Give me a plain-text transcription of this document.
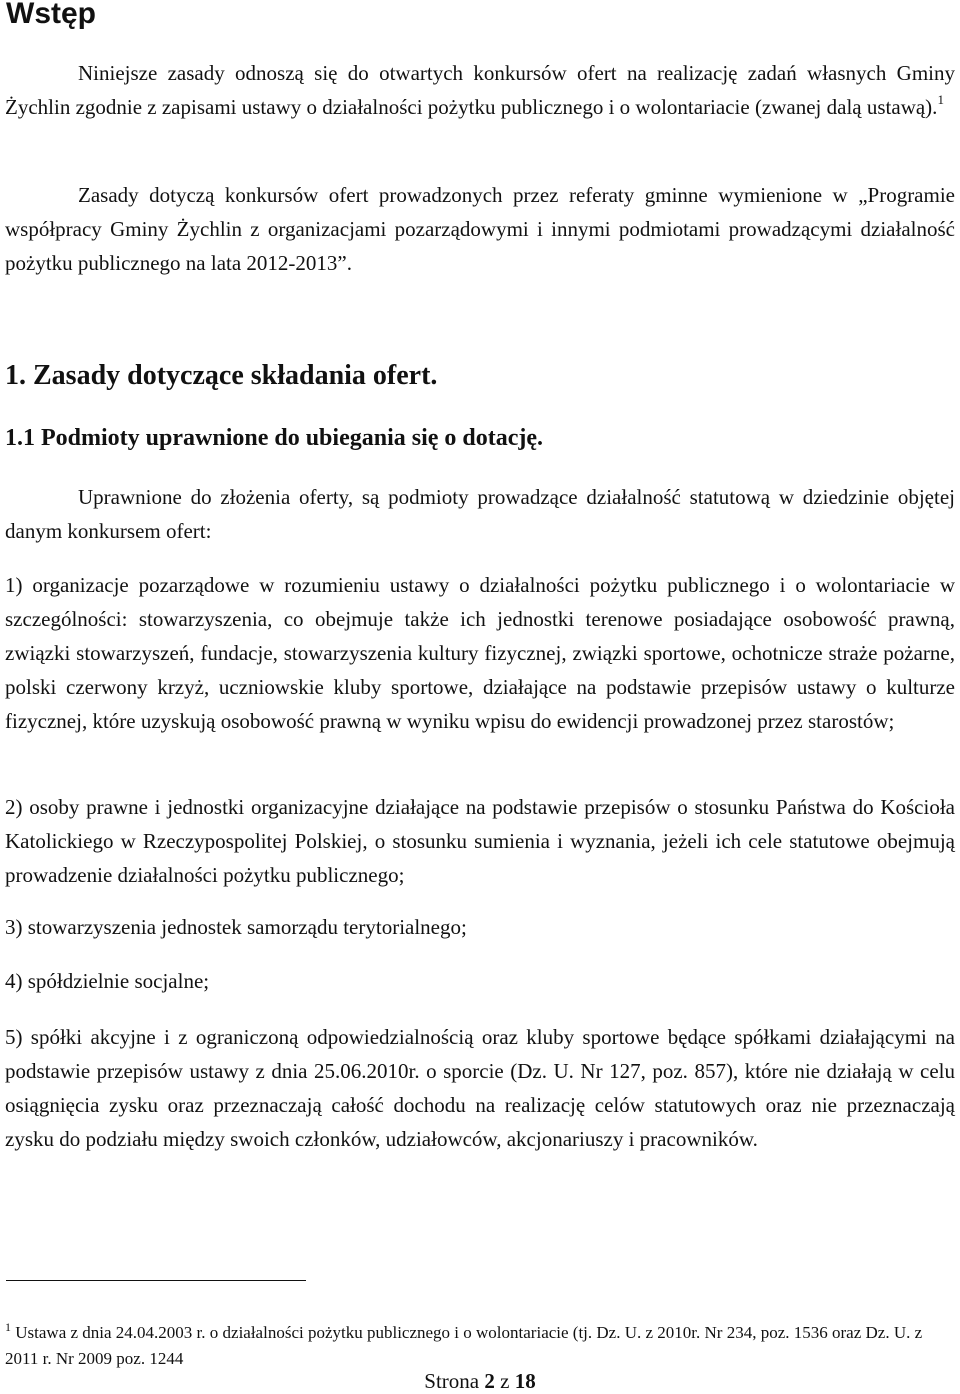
Wstęp

Niniejsze zasady odnoszą się do otwartych konkursów ofert na realizację zadań własnych Gminy Żychlin zgodnie z zapisami ustawy o działalności pożytku publicznego i o wolontariacie (zwanej dalą ustawą).$^1$

Zasady dotyczą konkursów ofert prowadzonych przez referaty gminne wymienione w „Programie współpracy Gminy Żychlin z organizacjami pozarządowymi i innymi podmiotami prowadzącymi działalność pożytku publicznego na lata 2012-2013”.

1. Zasady dotyczące składania ofert.
1.1 Podmioty uprawnione do ubiegania się o dotację.

Uprawnione do złożenia oferty, są podmioty prowadzące działalność statutową w dziedzinie objętej danym konkursem ofert:

1) organizacje pozarządowe w rozumieniu ustawy o działalności pożytku publicznego i o wolontariacie w szczególności: stowarzyszenia, co obejmuje także ich jednostki terenowe posiadające osobowość prawną, związki stowarzyszeń, fundacje, stowarzyszenia kultury fizycznej, związki sportowe, ochotnicze straże pożarne, polski czerwony krzyż, uczniowskie kluby sportowe, działające na podstawie przepisów ustawy o kulturze fizycznej, które uzyskują osobowość prawną w wyniku wpisu do ewidencji prowadzonej przez starostów;

2) osoby prawne i jednostki organizacyjne działające na podstawie przepisów o stosunku Państwa do Kościoła Katolickiego w Rzeczypospolitej Polskiej, o stosunku sumienia i wyznania, jeżeli ich cele statutowe obejmują prowadzenie działalności pożytku publicznego;

3) stowarzyszenia jednostek samorządu terytorialnego;

4) spółdzielnie socjalne;

5) spółki akcyjne i z ograniczoną odpowiedzialnością oraz kluby sportowe będące spółkami działającymi na podstawie przepisów ustawy z dnia 25.06.2010r. o sporcie (Dz. U. Nr 127, poz. 857), które nie działają w celu osiągnięcia zysku oraz przeznaczają całość dochodu na realizację celów statutowych oraz nie przeznaczają zysku do podziału między swoich członków, udziałowców, akcjonariuszy i pracowników.

$^1$ Ustawa z dnia 24.04.2003 r. o działalności pożytku publicznego i o wolontariacie (tj. Dz. U. z 2010r. Nr 234, poz. 1536 oraz Dz. U. z 2011 r. Nr 2009 poz. 1244

Strona 2 z 18
